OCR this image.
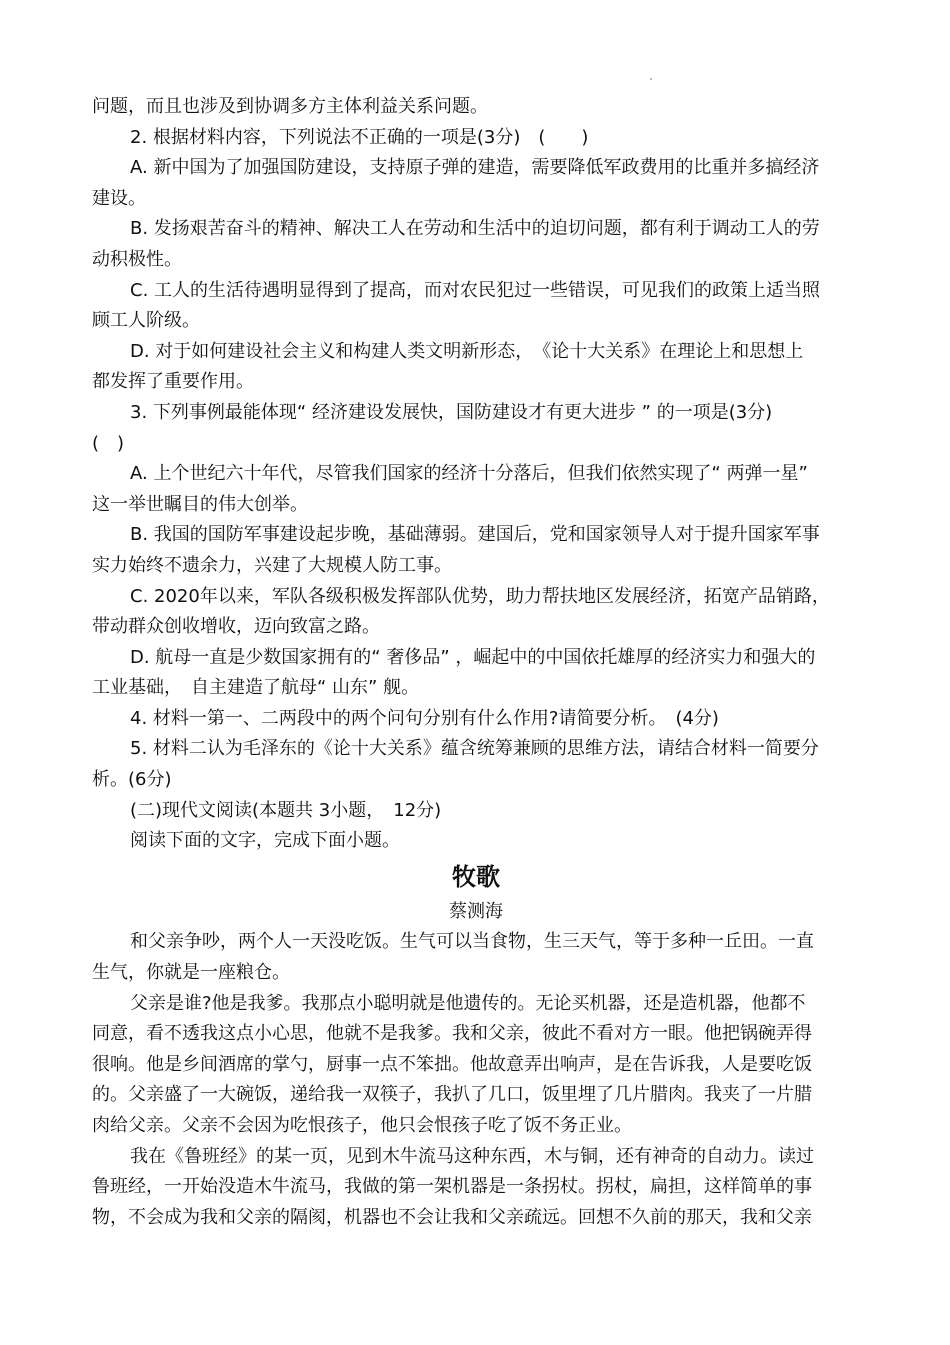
问题，而且也涉及到协调多方主体利益关系问题。

2. 根据材料内容，下列说法不正确的一项是(3分)　(　　)

A. 新中国为了加强国防建设，支持原子弹的建造，需要降低军政费用的比重并多搞经济
建设。

B. 发扬艰苦奋斗的精神、解决工人在劳动和生活中的迫切问题，都有利于调动工人的劳
动积极性。

C. 工人的生活待遇明显得到了提高，而对农民犯过一些错误，可见我们的政策上适当照
顾工人阶级。

D. 对于如何建设社会主义和构建人类文明新形态，　《论十大关系》在理论上和思想上
都发挥了重要作用。

3. 下列事例最能体现“ 经济建设发展快，国防建设才有更大进步 ” 的一项是(3分)
(　)

A. 上个世纪六十年代，尽管我们国家的经济十分落后，但我们依然实现了“ 两弹一星”
这一举世瞩目的伟大创举。

B. 我国的国防军事建设起步晚，基础薄弱。建国后，党和国家领导人对于提升国家军事
实力始终不遗余力，兴建了大规模人防工事。

C. 2020年以来，军队各级积极发挥部队优势，助力帮扶地区发展经济，拓宽产品销路，
带动群众创收增收，迈向致富之路。

D. 航母一直是少数国家拥有的“ 奢侈品” ，崛起中的中国依托雄厚的经济实力和强大的
工业基础，　自主建造了航母“ 山东” 舰。

4. 材料一第一、二两段中的两个问句分别有什么作用?请简要分析。　(4分)

5. 材料二认为毛泽东的《论十大关系》蕴含统筹兼顾的思维方法，请结合材料一简要分
析。(6分)

(二)现代文阅读(本题共 3小题，　12分)

阅读下面的文字，完成下面小题。

牧歌

蔡测海

和父亲争吵，两个人一天没吃饭。生气可以当食物，生三天气，等于多种一丘田。一直
生气，你就是一座粮仓。

父亲是谁?他是我爹。我那点小聪明就是他遗传的。无论买机器，还是造机器，他都不
同意，看不透我这点小心思，他就不是我爹。我和父亲，彼此不看对方一眼。他把锅碗弄得
很响。他是乡间酒席的掌勺，厨事一点不笨拙。他故意弄出响声，是在告诉我，人是要吃饭
的。父亲盛了一大碗饭，递给我一双筷子，我扒了几口，饭里埋了几片腊肉。我夹了一片腊
肉给父亲。父亲不会因为吃恨孩子，他只会恨孩子吃了饭不务正业。

我在《鲁班经》的某一页，见到木牛流马这种东西，木与铜，还有神奇的自动力。读过
鲁班经，一开始没造木牛流马，我做的第一架机器是一条拐杖。拐杖，扁担，这样简单的事
物，不会成为我和父亲的隔阂，机器也不会让我和父亲疏远。回想不久前的那天，我和父亲
